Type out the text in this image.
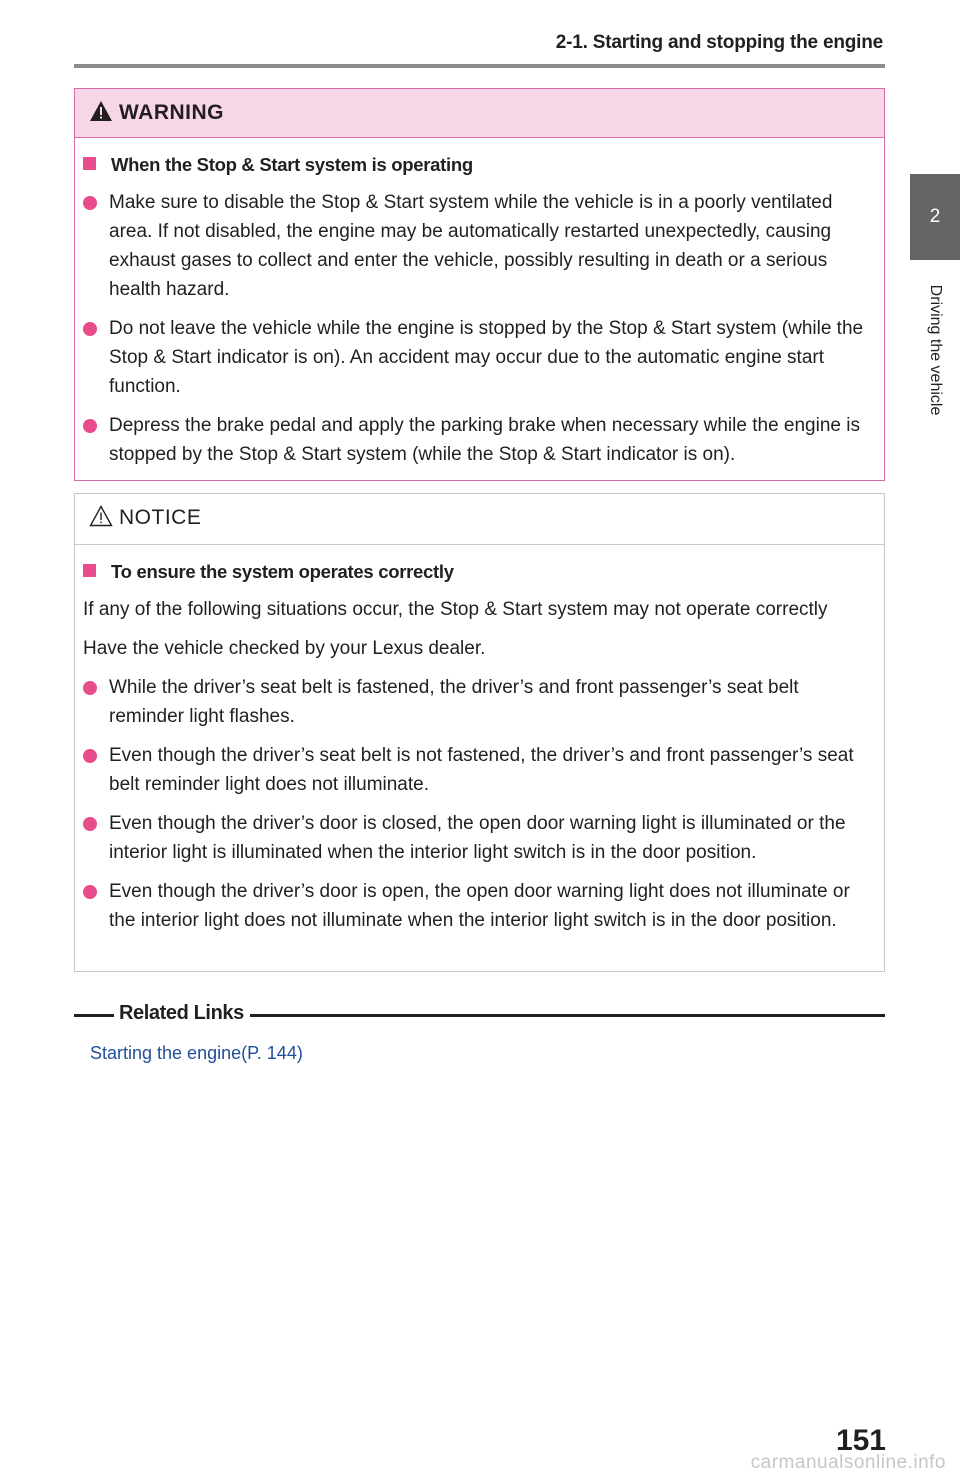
2-1. Starting and stopping the engine
2
Driving the vehicle
WARNING
When the Stop & Start system is operating
Make sure to disable the Stop & Start system while the vehicle is in a poorly ventilated area. If not disabled, the engine may be automatically restarted unexpectedly, causing exhaust gases to collect and enter the vehicle, possibly resulting in death or a serious health hazard.
Do not leave the vehicle while the engine is stopped by the Stop & Start system (while the Stop & Start indicator is on). An accident may occur due to the automatic engine start function.
Depress the brake pedal and apply the parking brake when necessary while the engine is stopped by the Stop & Start system (while the Stop & Start indicator is on).
NOTICE
To ensure the system operates correctly
If any of the following situations occur, the Stop & Start system may not operate correctly
Have the vehicle checked by your Lexus dealer.
While the driver’s seat belt is fastened, the driver’s and front passenger’s seat belt reminder light flashes.
Even though the driver’s seat belt is not fastened, the driver’s and front passenger’s seat belt reminder light does not illuminate.
Even though the driver’s door is closed, the open door warning light is illuminated or the interior light is illuminated when the interior light switch is in the door position.
Even though the driver’s door is open, the open door warning light does not illuminate or the interior light does not illuminate when the interior light switch is in the door position.
Related Links
Starting the engine(P. 144)
151
carmanualsonline.info
